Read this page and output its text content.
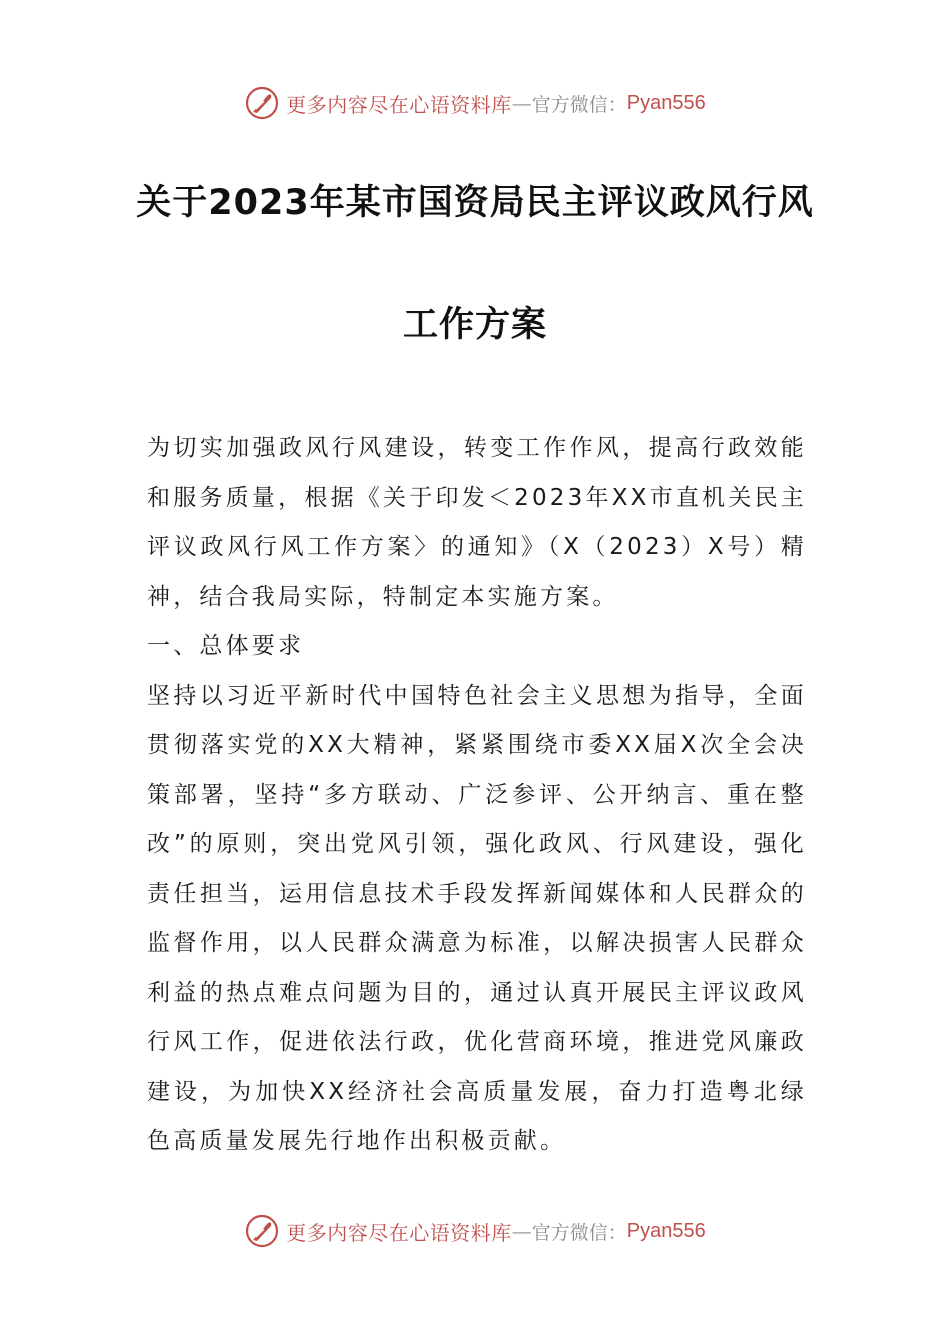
更多内容尽在心语资料库 — 官方微信： Pyan556
关于2023年某市国资局民主评议政风行风
工作方案

为切实加强政风行风建设，转变工作作风，提高行政效能和服务质量，根据《关于印发＜2023年XX市直机关民主评议政风行风工作方案〉的通知》（X（2023）X号）精神，结合我局实际，特制定本实施方案。

一、总体要求

坚持以习近平新时代中国特色社会主义思想为指导，全面贯彻落实党的XX大精神，紧紧围绕市委XX届X次全会决策部署，坚持“多方联动、广泛参评、公开纳言、重在整改”的原则，突出党风引领，强化政风、行风建设，强化责任担当，运用信息技术手段发挥新闻媒体和人民群众的监督作用，以人民群众满意为标准，以解决损害人民群众利益的热点难点问题为目的，通过认真开展民主评议政风行风工作，促进依法行政，优化营商环境，推进党风廉政建设，为加快XX经济社会高质量发展，奋力打造粤北绿色高质量发展先行地作出积极贡献。

更多内容尽在心语资料库 — 官方微信： Pyan556
